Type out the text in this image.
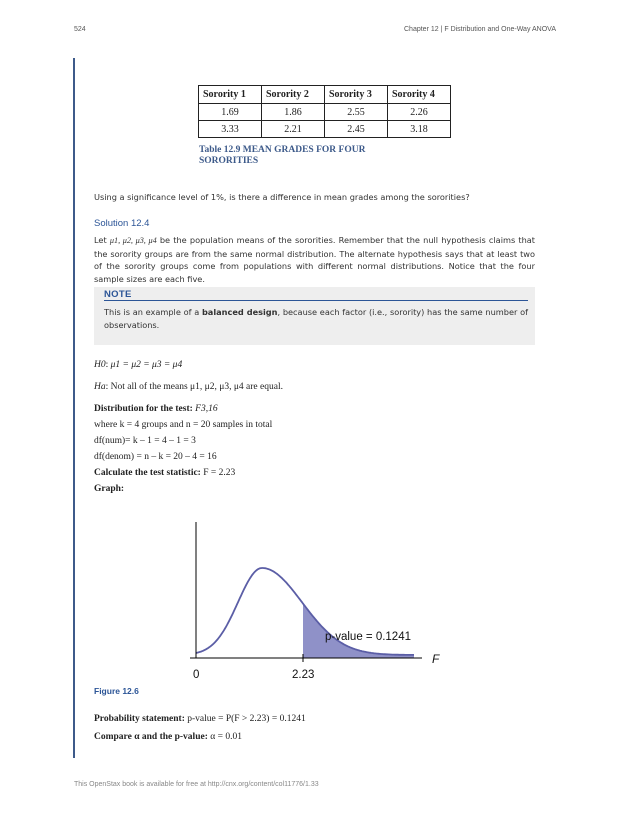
524	Chapter 12 | F Distribution and One-Way ANOVA
Sorority 1	Sorority 2	Sorority 3	Sorority 4
1.69	1.86	2.55	2.26
3.33	2.21	2.45	3.18
Table 12.9 MEAN GRADES FOR FOUR SORORITIES
Using a significance level of 1%, is there a difference in mean grades among the sororities?
Solution 12.4
Let μ1, μ2, μ3, μ4 be the population means of the sororities. Remember that the null hypothesis claims that the sorority groups are from the same normal distribution. The alternate hypothesis says that at least two of the sorority groups come from populations with different normal distributions. Notice that the four sample sizes are each five.
NOTE
This is an example of a balanced design, because each factor (i.e., sorority) has the same number of observations.
H0: μ1 = μ2 = μ3 = μ4
Ha: Not all of the means μ1, μ2, μ3, μ4 are equal.
Distribution for the test: F3,16
where k = 4 groups and n = 20 samples in total
df(num)= k – 1 = 4 – 1 = 3
df(denom) = n – k = 20 – 4 = 16
Calculate the test statistic: F = 2.23
Graph:
p-value = 0.1241
F
0	2.23
Figure 12.6
Probability statement: p-value = P(F > 2.23) = 0.1241
Compare α and the p-value: α = 0.01
This OpenStax book is available for free at http://cnx.org/content/col11776/1.33
